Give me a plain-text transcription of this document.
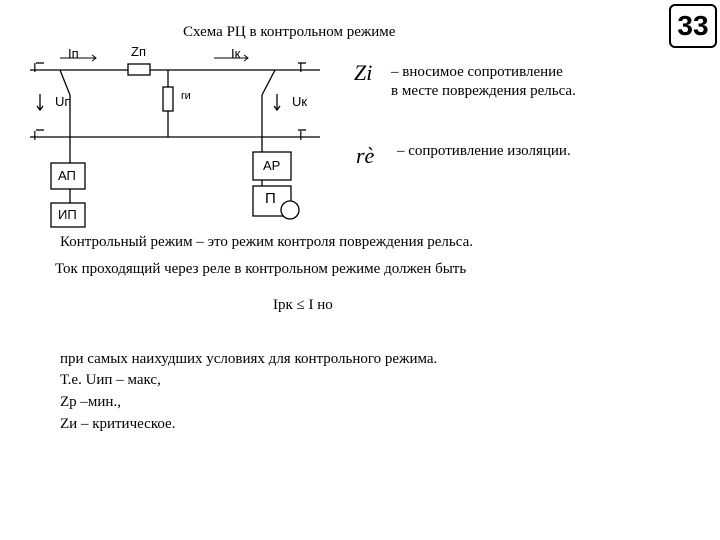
Схема РЦ в контрольном режиме	33
Iп	Zп	Iк
Uп	rи	Uк
I
I
I
I
АП
ИП
АР
П
Zi – вносимое сопротивление
в месте повреждения рельса.
rè – сопротивление изоляции.
Контрольный режим – это режим контроля повреждения рельса.
Ток проходящий через реле в контрольном режиме должен быть
Iрк ≤ I но
при самых наихудших условиях для контрольного режима.
Т.е. Uип – макс,
Zр –мин.,
Zи – критическое.
